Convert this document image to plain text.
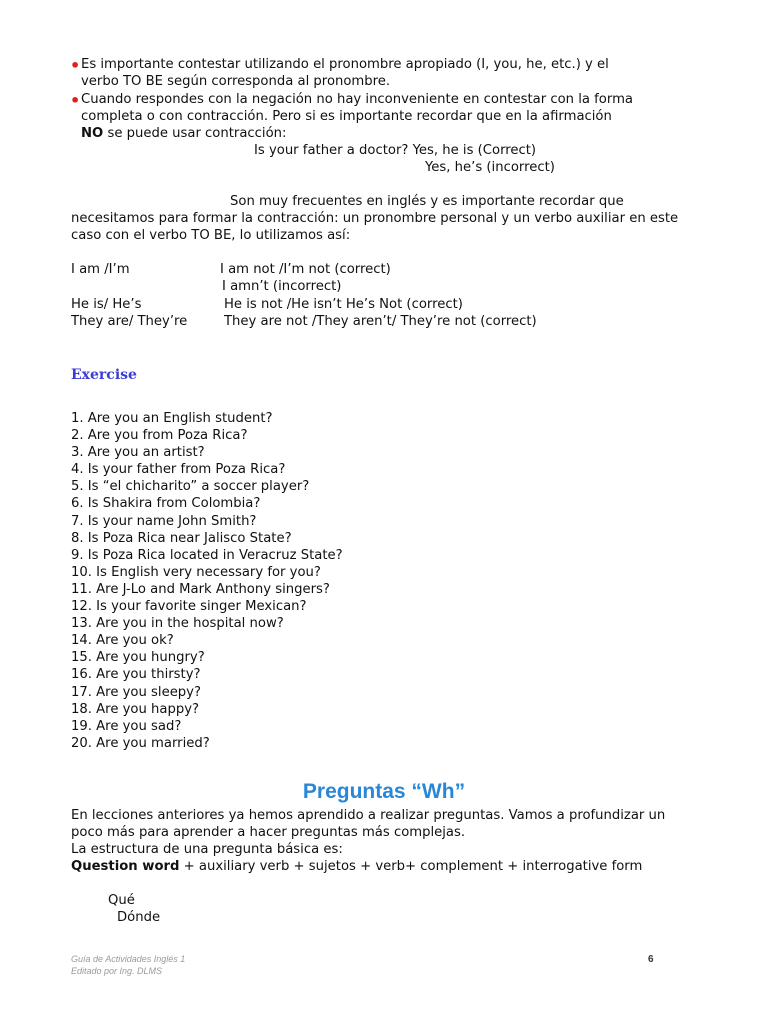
• Es importante contestar utilizando el pronombre apropiado (I, you, he, etc.) y el
verbo TO BE según corresponda al pronombre.
• Cuando respondes con la negación no hay inconveniente en contestar con la forma
completa o con contracción. Pero si es importante recordar que en la afirmación
NO se puede usar contracción:
Is your father a doctor? Yes, he is (Correct)
Yes, he’s (incorrect)
Son muy frecuentes en inglés y es importante recordar que
necesitamos para formar la contracción: un pronombre personal y un verbo auxiliar en este
caso con el verbo TO BE, lo utilizamos así:
I am /I’m	I am not /I’m not (correct)
I amn’t (incorrect)
He is/ He’s	He is not /He isn’t He’s Not (correct)
They are/ They’re	They are not /They aren’t/ They’re not (correct)
Exercise
1. Are you an English student?
2. Are you from Poza Rica?
3. Are you an artist?
4. Is your father from Poza Rica?
5. Is “el chicharito” a soccer player?
6. Is Shakira from Colombia?
7. Is your name John Smith?
8. Is Poza Rica near Jalisco State?
9. Is Poza Rica located in Veracruz State?
10. Is English very necessary for you?
11. Are J-Lo and Mark Anthony singers?
12. Is your favorite singer Mexican?
13. Are you in the hospital now?
14. Are you ok?
15. Are you hungry?
16. Are you thirsty?
17. Are you sleepy?
18. Are you happy?
19. Are you sad?
20. Are you married?
Preguntas “Wh”
En lecciones anteriores ya hemos aprendido a realizar preguntas. Vamos a profundizar un
poco más para aprender a hacer preguntas más complejas.
La estructura de una pregunta básica es:
Question word + auxiliary verb + sujetos + verb+ complement + interrogative form
Qué
Dónde
Guía de Actividades Inglés 1
Editado por Ing. DLMS
6
